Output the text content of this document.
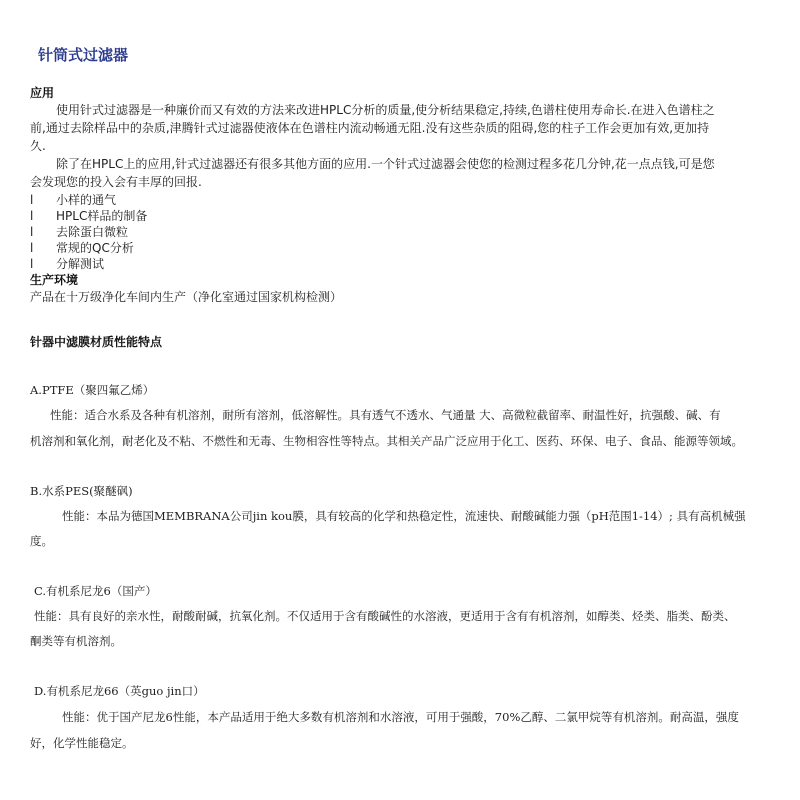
针筒式过滤器
应用
使用针式过滤器是一种廉价而又有效的方法来改进HPLC分析的质量,使分析结果稳定,持续,色谱柱使用寿命长.在进入色谱柱之
前,通过去除样品中的杂质,津腾针式过滤器使液体在色谱柱内流动畅通无阻.没有这些杂质的阻碍,您的柱子工作会更加有效,更加持
久.
除了在HPLC上的应用,针式过滤器还有很多其他方面的应用.一个针式过滤器会使您的检测过程多花几分钟,花一点点钱,可是您
会发现您的投入会有丰厚的回报.
l 小样的通气
l HPLC样品的制备
l 去除蛋白微粒
l 常规的QC分析
l 分解测试
生产环境
产品在十万级净化车间内生产（净化室通过国家机构检测）
针器中滤膜材质性能特点
A.PTFE（聚四氟乙烯）
性能：适合水系及各种有机溶剂，耐所有溶剂，低溶解性。具有透气不透水、气通量 大、高微粒截留率、耐温性好，抗强酸、碱、有
机溶剂和氧化剂，耐老化及不粘、不燃性和无毒、生物相容性等特点。其相关产品广泛应用于化工、医药、环保、电子、食品、能源等领域。
B.水系PES(聚醚砜)
性能：本品为德国MEMBRANA公司jin kou膜，具有较高的化学和热稳定性，流速快、耐酸碱能力强（pH范围1-14）; 具有高机械强
度。
C.有机系尼龙6（国产）
性能：具有良好的亲水性，耐酸耐碱，抗氧化剂。不仅适用于含有酸碱性的水溶液，更适用于含有有机溶剂，如醇类、烃类、脂类、酚类、
酮类等有机溶剂。
D.有机系尼龙66（英guo jin口）
性能：优于国产尼龙6性能，本产品适用于绝大多数有机溶剂和水溶液，可用于强酸，70%乙醇、二氯甲烷等有机溶剂。耐高温，强度
好，化学性能稳定。
